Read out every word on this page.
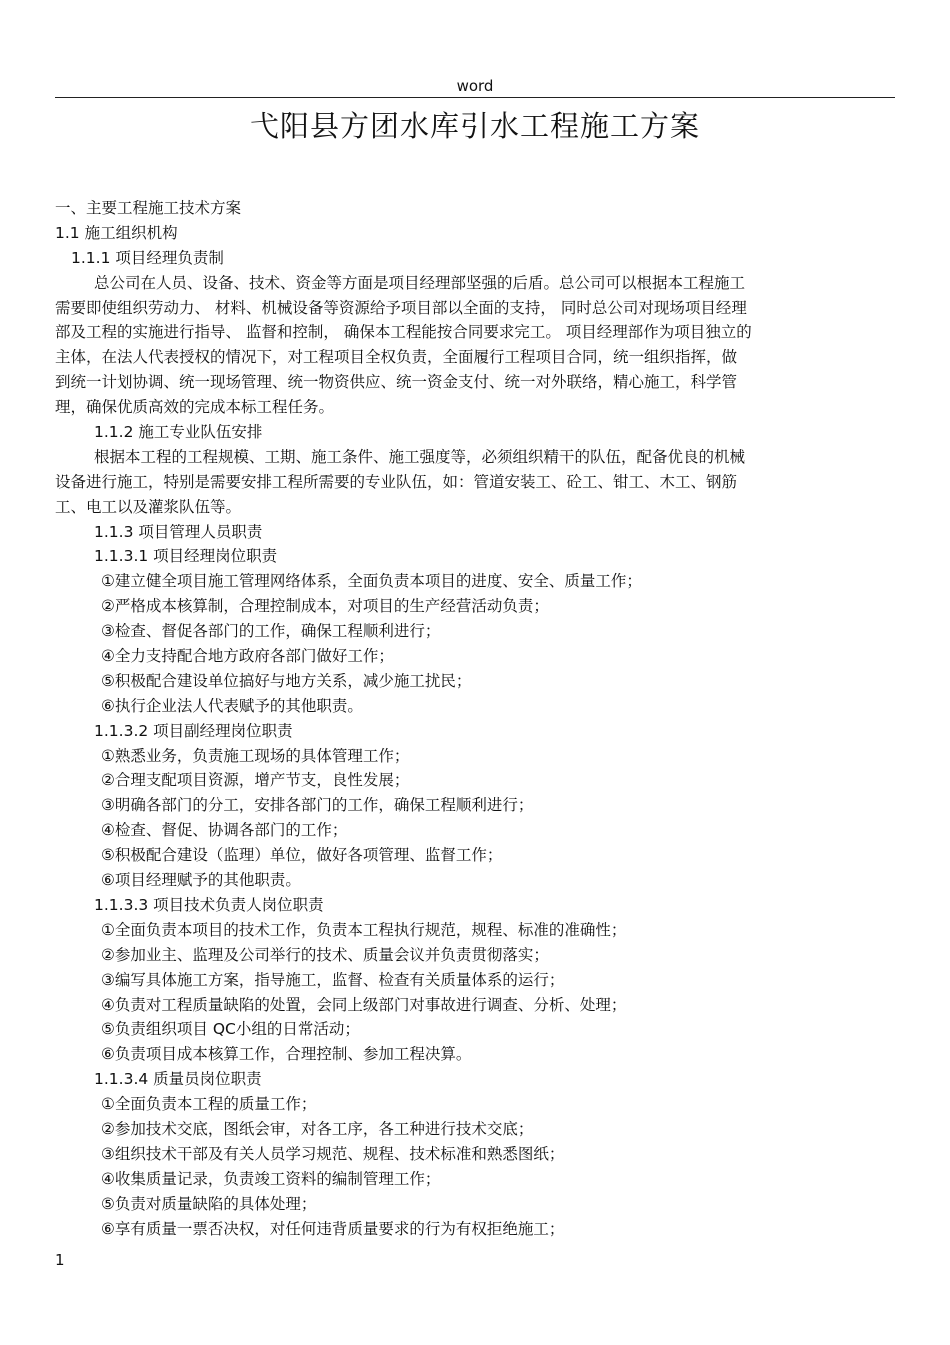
word
弋阳县方团水库引水工程施工方案
一、主要工程施工技术方案
1.1 施工组织机构
1.1.1 项目经理负责制
总公司在人员、设备、技术、资金等方面是项目经理部坚强的后盾。总公司可以根据本工程施工
需要即使组织劳动力、 材料、机械设备等资源给予项目部以全面的支持， 同时总公司对现场项目经理
部及工程的实施进行指导、 监督和控制， 确保本工程能按合同要求完工。 项目经理部作为项目独立的
主体，在法人代表授权的情况下，对工程项目全权负责，全面履行工程项目合同，统一组织指挥，做
到统一计划协调、统一现场管理、统一物资供应、统一资金支付、统一对外联络，精心施工，科学管
理，确保优质高效的完成本标工程任务。
1.1.2 施工专业队伍安排
根据本工程的工程规模、工期、施工条件、施工强度等，必须组织精干的队伍，配备优良的机械
设备进行施工，特别是需要安排工程所需要的专业队伍，如：管道安装工、砼工、钳工、木工、钢筋
工、电工以及灌浆队伍等。
1.1.3 项目管理人员职责
1.1.3.1 项目经理岗位职责
①建立健全项目施工管理网络体系，全面负责本项目的进度、安全、质量工作；
②严格成本核算制，合理控制成本，对项目的生产经营活动负责；
③检查、督促各部门的工作，确保工程顺利进行；
④全力支持配合地方政府各部门做好工作；
⑤积极配合建设单位搞好与地方关系，减少施工扰民；
⑥执行企业法人代表赋予的其他职责。
1.1.3.2 项目副经理岗位职责
①熟悉业务，负责施工现场的具体管理工作；
②合理支配项目资源，增产节支，良性发展；
③明确各部门的分工，安排各部门的工作，确保工程顺利进行；
④检查、督促、协调各部门的工作；
⑤积极配合建设（监理）单位，做好各项管理、监督工作；
⑥项目经理赋予的其他职责。
1.1.3.3 项目技术负责人岗位职责
①全面负责本项目的技术工作，负责本工程执行规范，规程、标准的准确性；
②参加业主、监理及公司举行的技术、质量会议并负责贯彻落实；
③编写具体施工方案，指导施工，监督、检查有关质量体系的运行；
④负责对工程质量缺陷的处置，会同上级部门对事故进行调查、分析、处理；
⑤负责组织项目 QC小组的日常活动；
⑥负责项目成本核算工作，合理控制、参加工程决算。
1.1.3.4 质量员岗位职责
①全面负责本工程的质量工作；
②参加技术交底，图纸会审，对各工序，各工种进行技术交底；
③组织技术干部及有关人员学习规范、规程、技术标准和熟悉图纸；
④收集质量记录，负责竣工资料的编制管理工作；
⑤负责对质量缺陷的具体处理；
⑥享有质量一票否决权，对任何违背质量要求的行为有权拒绝施工；
1
